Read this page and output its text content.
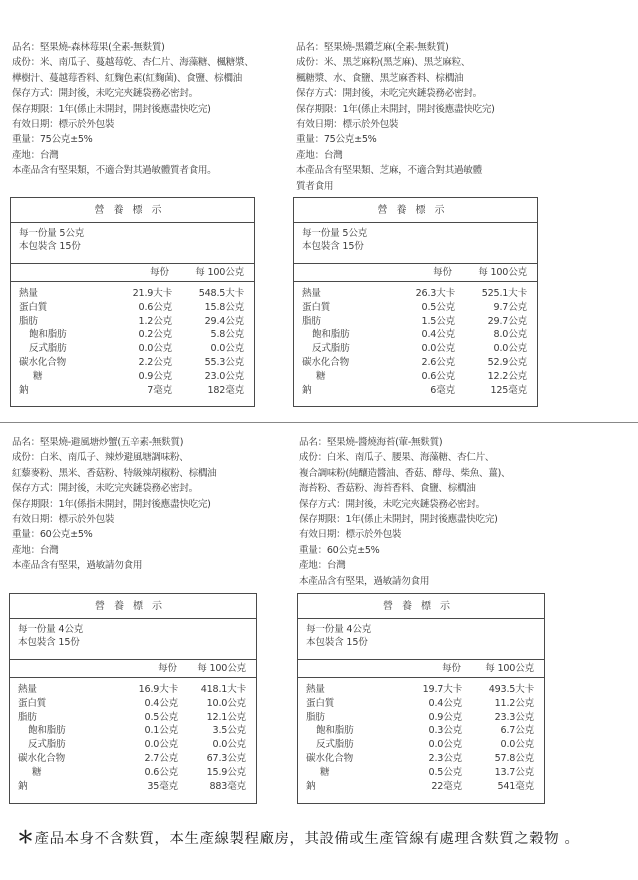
品名：堅果燒-森林莓果(全素-無麩質)
成份：米、南瓜子、蔓越莓乾、杏仁片、海藻糖、楓糖漿、
樺樹汁、蔓越莓香料、紅麴色素(紅麴菌)、食鹽、棕櫚油
保存方式：開封後，未吃完夾鏈袋務必密封。
保存期限：1年(係止未開封，開封後應盡快吃完)
有效日期：標示於外包裝
重量：75公克±5%
產地：台灣
本產品含有堅果類，不適合對其過敏體質者食用。
營養標示
每一份量 5公克
本包裝含 15份
每份	每 100公克
熱量	21.9大卡	548.5大卡
蛋白質	0.6公克	15.8公克
脂肪	1.2公克	29.4公克
飽和脂肪	0.2公克	5.8公克
反式脂肪	0.0公克	0.0公克
碳水化合物	2.2公克	55.3公克
糖	0.9公克	23.0公克
鈉	7毫克	182毫克
品名：堅果燒-黑鑽芝麻(全素-無麩質)
成份：米、黑芝麻粉(黑芝麻)、黑芝麻粒、
楓糖漿、水、食鹽、黑芝麻香料、棕櫚油
保存方式：開封後，未吃完夾鏈袋務必密封。
保存期限：1年(係止未開封，開封後應盡快吃完)
有效日期：標示於外包裝
重量：75公克±5%
產地：台灣
本產品含有堅果類、芝麻，不適合對其過敏體
質者食用
營養標示
每一份量 5公克
本包裝含 15份
每份	每 100公克
熱量	26.3大卡	525.1大卡
蛋白質	0.5公克	9.7公克
脂肪	1.5公克	29.7公克
飽和脂肪	0.4公克	8.0公克
反式脂肪	0.0公克	0.0公克
碳水化合物	2.6公克	52.9公克
糖	0.6公克	12.2公克
鈉	6毫克	125毫克
品名：堅果燒-避風塘炒蟹(五辛素-無麩質)
成份：白米、南瓜子、辣炒避風塘調味粉、
紅藜麥粉、黑米、香菇粉、特級辣胡椒粉、棕櫚油
保存方式：開封後，未吃完夾鏈袋務必密封。
保存期限：1年(係指未開封，開封後應盡快吃完)
有效日期：標示於外包裝
重量：60公克±5%
產地：台灣
本產品含有堅果，過敏請勿食用
營養標示
每一份量 4公克
本包裝含 15份
每份 每 100公克
熱量	16.9大卡 418.1大卡
蛋白質	0.4公克	10.0公克
脂肪	0.5公克	12.1公克
飽和脂肪	0.1公克	3.5公克
反式脂肪	0.0公克	0.0公克
碳水化合物	2.7公克	67.3公克
糖	0.6公克	15.9公克
鈉	35毫克	883毫克
品名：堅果燒-醬燒海苔(葷-無麩質)
成份：白米、南瓜子、腰果、海藻糖、杏仁片、
複合調味粉(純釀造醬油、香菇、酵母、柴魚、薑)、
海苔粉、香菇粉、海苔香料、食鹽、棕櫚油
保存方式：開封後，未吃完夾鏈袋務必密封。
保存期限：1年(係止未開封，開封後應盡快吃完)
有效日期：標示於外包裝
重量：60公克±5%
產地：台灣
本產品含有堅果，過敏請勿食用
營養標示
每一份量 4公克
本包裝含 15份
每份	每 100公克
熱量	19.7大卡	493.5大卡
蛋白質	0.4公克	11.2公克
脂肪	0.9公克	23.3公克
飽和脂肪	0.3公克	6.7公克
反式脂肪	0.0公克	0.0公克
碳水化合物	2.3公克	57.8公克
糖	0.5公克	13.7公克
鈉	22毫克	541毫克
＊產品本身不含麩質，本生產線製程廠房，其設備或生產管線有處理含麩質之穀物 。
